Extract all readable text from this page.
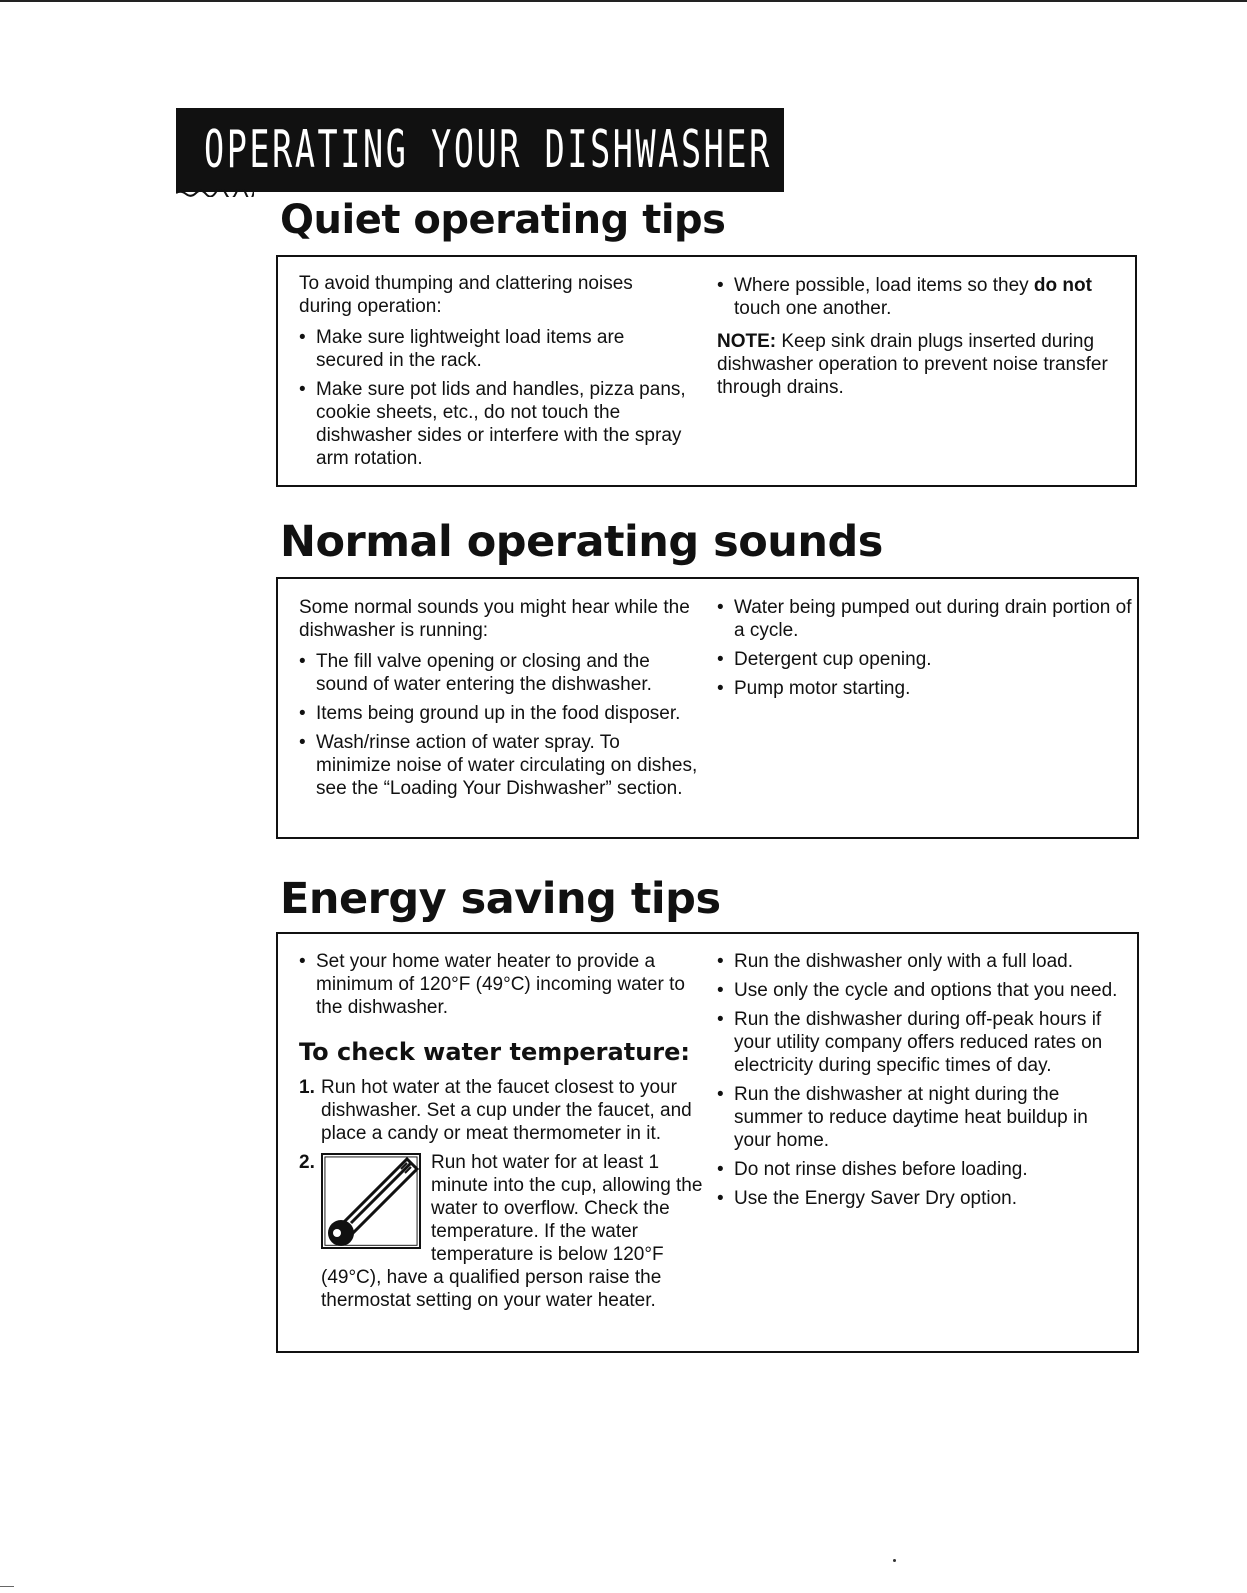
OPERATING YOUR DISHWASHER
Quiet operating tips

To avoid thumping and clattering noises during operation:

• Make sure lightweight load items are secured in the rack.
• Make sure pot lids and handles, pizza pans, cookie sheets, etc., do not touch the dishwasher sides or interfere with the spray arm rotation.
• Where possible, load items so they do not touch one another.

NOTE: Keep sink drain plugs inserted during dishwasher operation to prevent noise transfer through drains.

Normal operating sounds

Some normal sounds you might hear while the dishwasher is running:

• The fill valve opening or closing and the sound of water entering the dishwasher.
• Items being ground up in the food disposer.
• Wash/rinse action of water spray. To minimize noise of water circulating on dishes, see the “Loading Your Dishwasher” section.
• Water being pumped out during drain portion of a cycle.
• Detergent cup opening.
• Pump motor starting.
Energy saving tips
• Set your home water heater to provide a minimum of 120°F (49°C) incoming water to the dishwasher.
To check water temperature:
1. Run hot water at the faucet closest to your dishwasher. Set a cup under the faucet, and place a candy or meat thermometer in it.
2.	Run hot water for at least 1 minute into the cup, allowing the water to overflow. Check the temperature. If the water temperature is below 120°F (49°C), have a qualified person raise the thermostat setting on your water heater.
• Run the dishwasher only with a full load.
• Use only the cycle and options that you need.
• Run the dishwasher during off-peak hours if your utility company offers reduced rates on electricity during specific times of day.
• Run the dishwasher at night during the summer to reduce daytime heat buildup in your home.
• Do not rinse dishes before loading.
• Use the Energy Saver Dry option.
